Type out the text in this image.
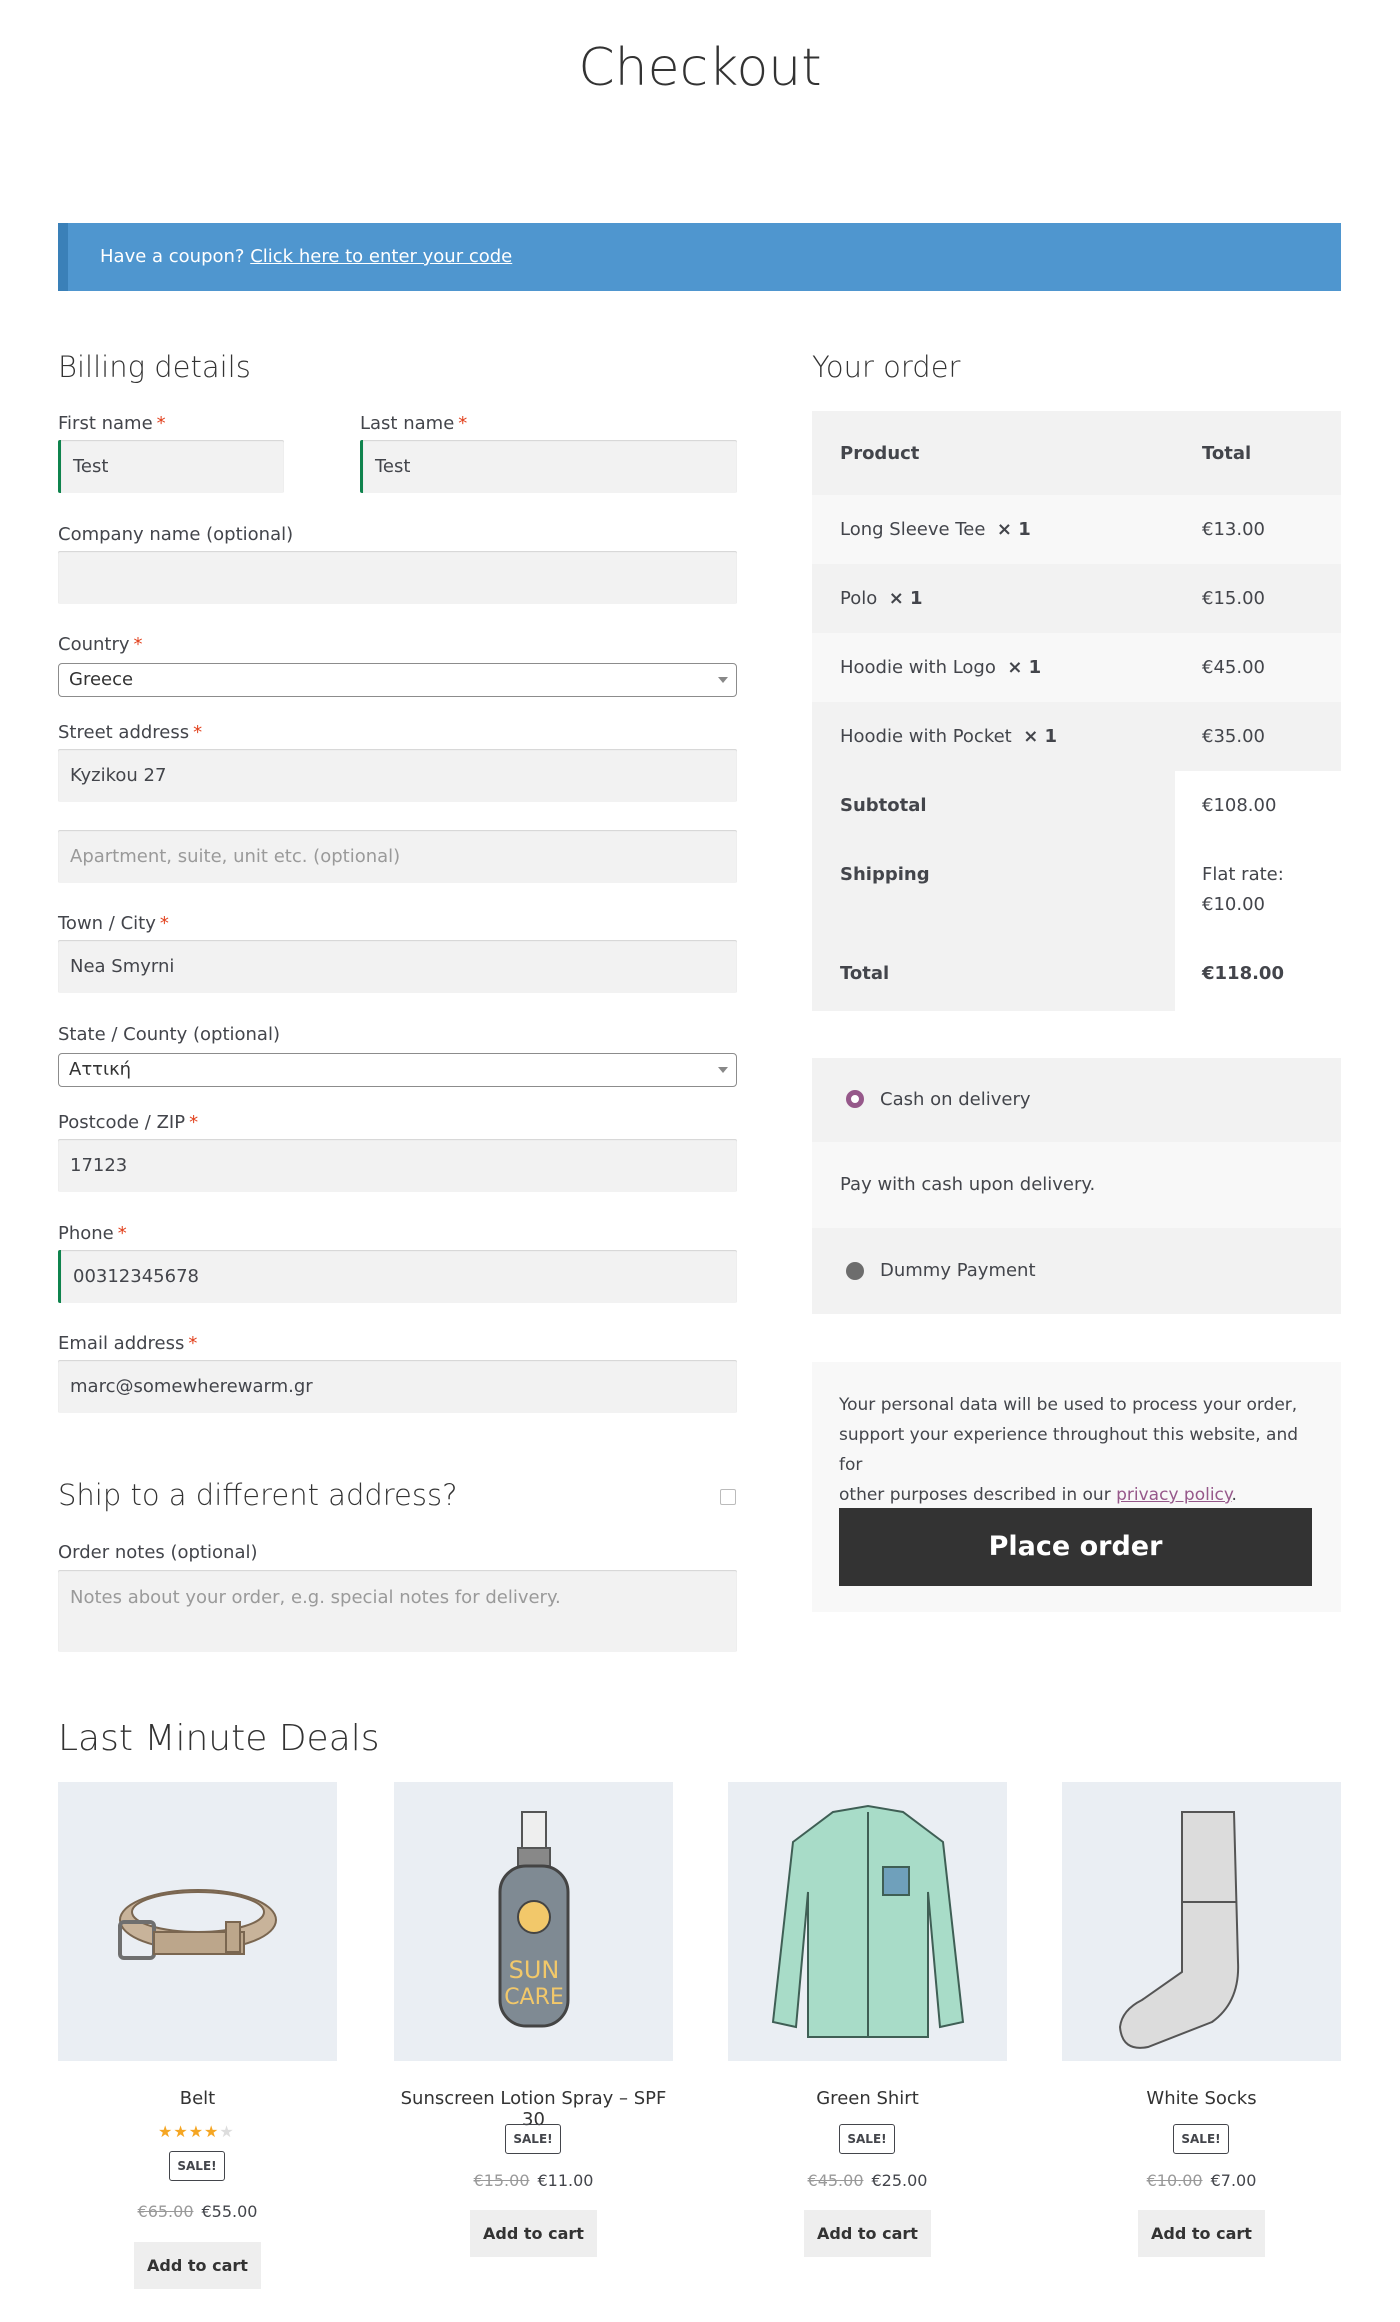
Checkout
Have a coupon? Click here to enter your code
Billing details
First name *
Test
Last name *
Test
Company name (optional)
Country *
Greece
Street address *
Kyzikou 27
Apartment, suite, unit etc. (optional)
Town / City *
Nea Smyrni
State / County (optional)
Αττική
Postcode / ZIP *
17123
Phone *
00312345678
Email address *
marc@somewherewarm.gr
Ship to a different address?
Order notes (optional)
Notes about your order, e.g. special notes for delivery.
Your order
Product	Total
Long Sleeve Tee × 1	€13.00
Polo × 1	€15.00
Hoodie with Logo × 1	€45.00
Hoodie with Pocket × 1	€35.00
Subtotal	€108.00
Shipping	Flat rate:
€10.00
Total	€118.00
Cash on delivery
Pay with cash upon delivery.
Dummy Payment
Your personal data will be used to process your order,
support your experience throughout this website, and for
other purposes described in our privacy policy.
Place order
Last Minute Deals
Belt
★★★★★
SALE!
€65.00 €55.00
Add to cart
SUN
CARE
Sunscreen Lotion Spray – SPF 30
SALE!
€15.00 €11.00
Add to cart
Green Shirt
SALE!
€45.00 €25.00
Add to cart
White Socks
SALE!
€10.00 €7.00
Add to cart
